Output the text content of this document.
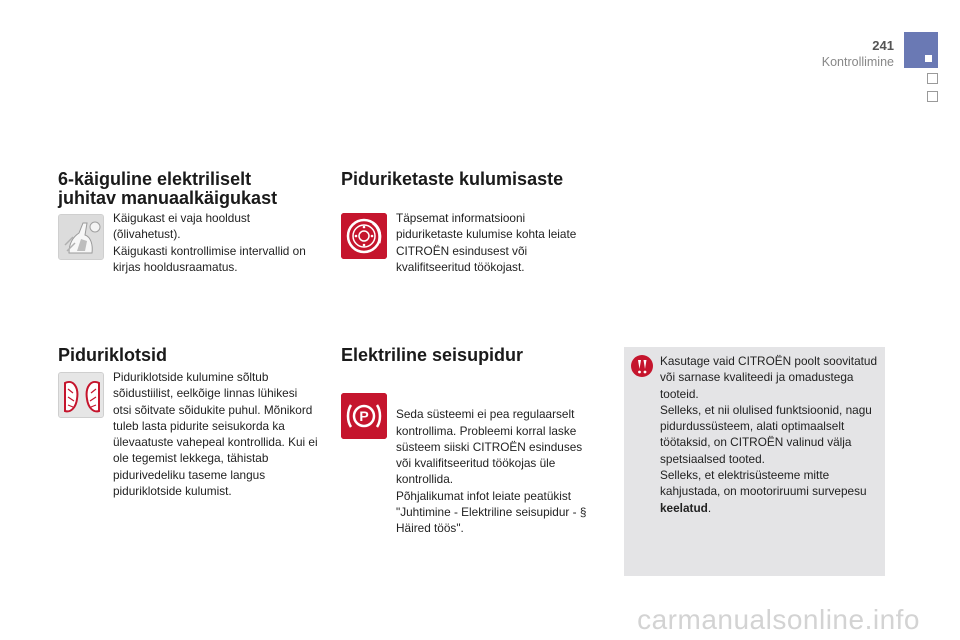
241
Kontrollimine
6-käiguline elektriliselt
juhitav manuaalkäigukast
Käigukast ei vaja hooldust (õlivahetust).
Käigukasti kontrollimise intervallid on kirjas hooldusraamatus.
Piduriklotsid
Piduriklotside kulumine sõltub sõidustiilist, eelkõige linnas lühikesi otsi sõitvate sõidukite puhul. Mõnikord tuleb lasta pidurite seisukorda ka ülevaatuste vahepeal kontrollida. Kui ei ole tegemist lekkega, tähistab pidurivedeliku taseme langus piduriklotside kulumist.
Piduriketaste kulumisaste
Täpsemat informatsiooni piduriketaste kulumise kohta leiate CITROËN esindusest või kvalifitseeritud töökojast.
Elektriline seisupidur
P	Seda süsteemi ei pea regulaarselt kontrollima. Probleemi korral laske süsteem siiski CITROËN esinduses või kvalifitseeritud töökojas üle kontrollida.
Põhjalikumat infot leiate peatükist "Juhtimine - Elektriline seisupidur - § Häired töös".

Kasutage vaid CITROËN poolt soovitatud või sarnase kvaliteedi ja omadustega tooteid.
Selleks, et nii olulised funktsioonid, nagu pidurdussüsteem, alati optimaalselt töötaksid, on CITROËN valinud välja spetsiaalsed tooted.
Selleks, et elektrisüsteeme mitte kahjustada, on mootoriruumi survepesu keelatud.
carmanualsonline.info
